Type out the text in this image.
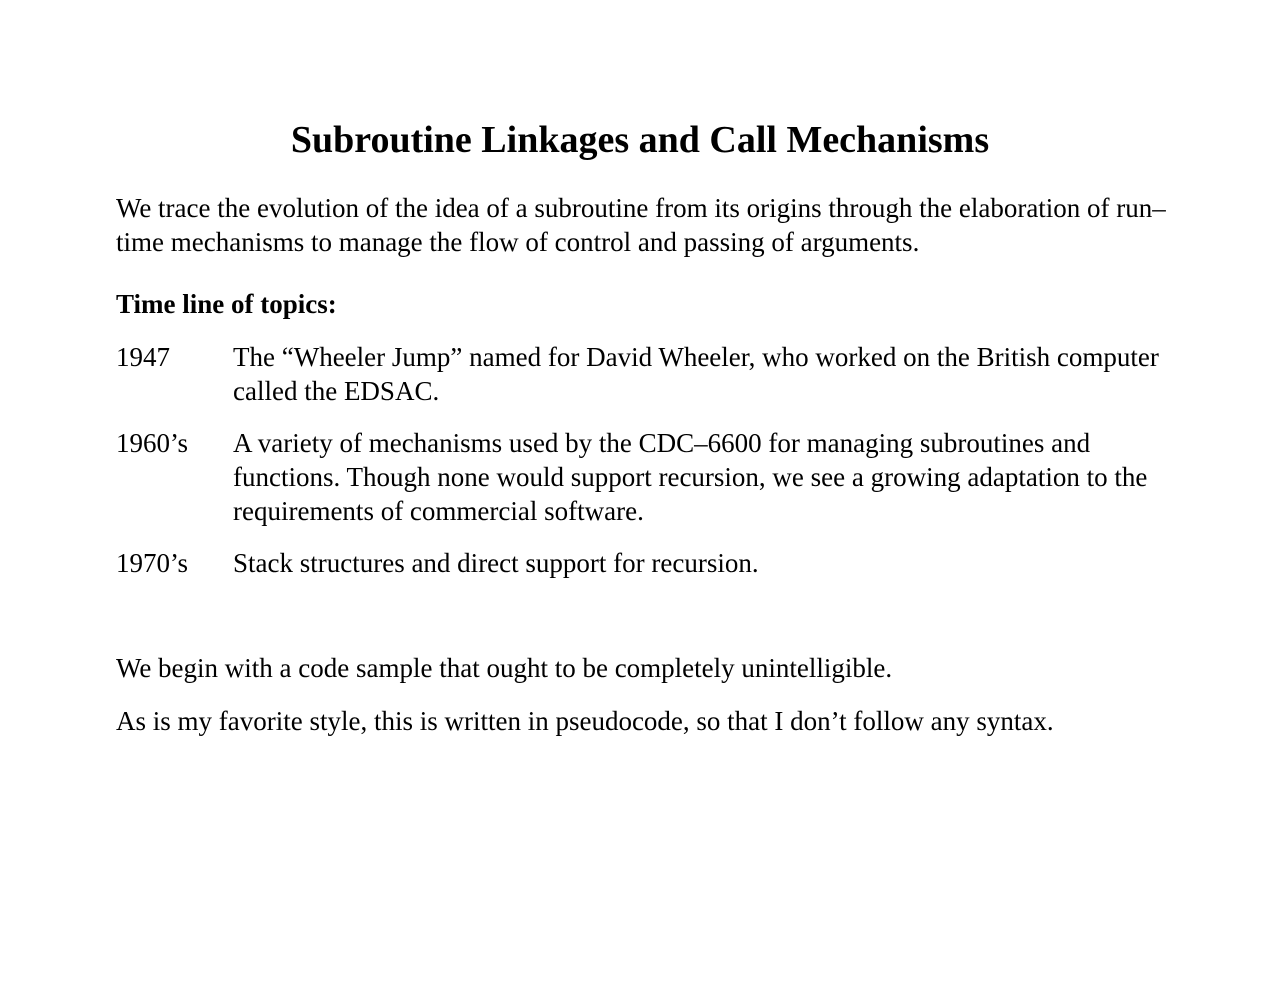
Subroutine Linkages and Call Mechanisms

We trace the evolution of the idea of a subroutine from its origins through the elaboration of run–time mechanisms to manage the flow of control and passing of arguments.

Time line of topics:

1947 The “Wheeler Jump” named for David Wheeler, who worked on the British computer called the EDSAC.
1960’s A variety of mechanisms used by the CDC–6600 for managing subroutines and functions. Though none would support recursion, we see a growing adaptation to the requirements of commercial software.
1970’s Stack structures and direct support for recursion.

We begin with a code sample that ought to be completely unintelligible.

As is my favorite style, this is written in pseudocode, so that I don’t follow any syntax.
